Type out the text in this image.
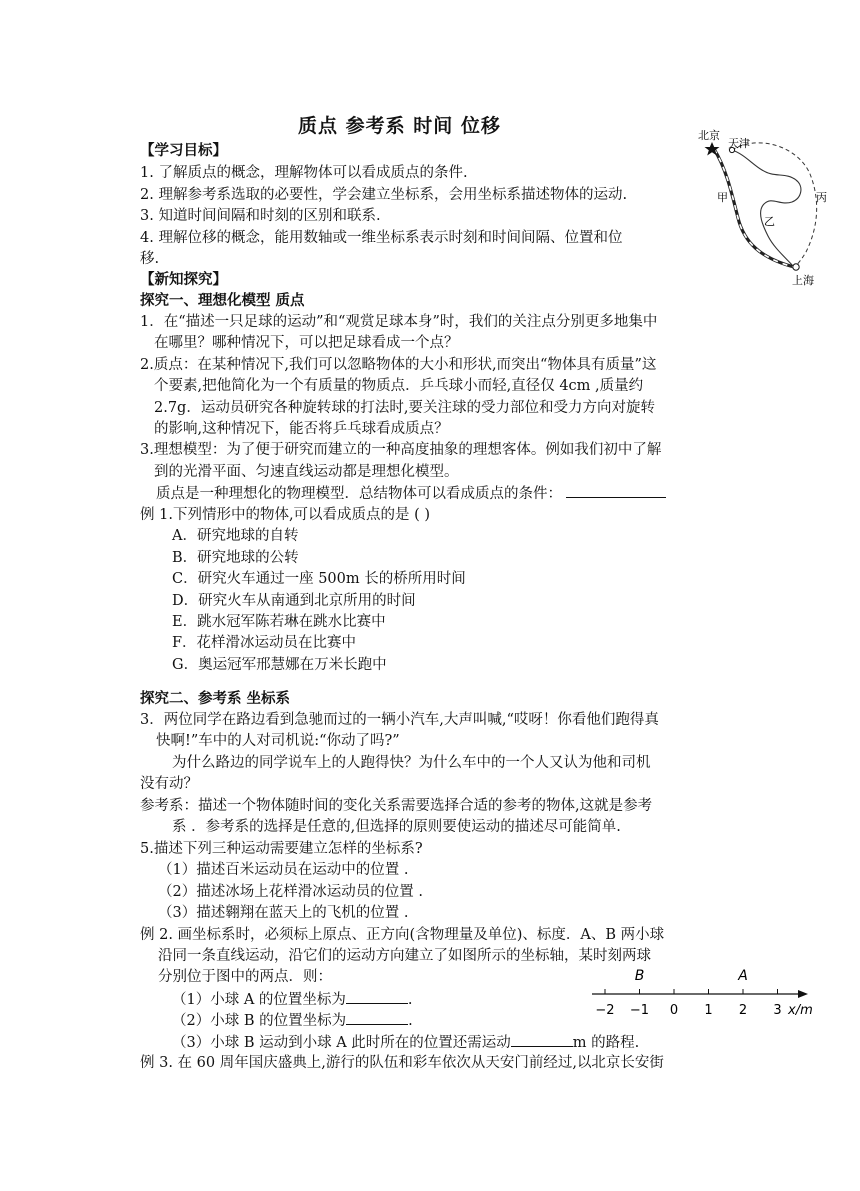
质点 参考系 时间 位移
【学习目标】
1. 了解质点的概念，理解物体可以看成质点的条件.
2. 理解参考系选取的必要性，学会建立坐标系，会用坐标系描述物体的运动.
3. 知道时间间隔和时刻的区别和联系.
4. 理解位移的概念，能用数轴或一维坐标系表示时刻和时间间隔、位置和位
移.
【新知探究】
探究一、理想化模型 质点
1．在“描述一只足球的运动”和“观赏足球本身”时，我们的关注点分别更多地集中
在哪里？哪种情况下，可以把足球看成一个点？
2.质点：在某种情况下,我们可以忽略物体的大小和形状,而突出“物体具有质量”这
个要素,把他简化为一个有质量的物质点．乒乓球小而轻,直径仅 4cm ,质量约
2.7g．运动员研究各种旋转球的打法时,要关注球的受力部位和受力方向对旋转
的影响,这种情况下，能否将乒乓球看成质点？
3.理想模型：为了便于研究而建立的一种高度抽象的理想客体。例如我们初中了解
到的光滑平面、匀速直线运动都是理想化模型。
质点是一种理想化的物理模型．总结物体可以看成质点的条件：
例 1.下列情形中的物体,可以看成质点的是 ( )
A．研究地球的自转
B．研究地球的公转
C．研究火车通过一座 500m 长的桥所用时间
D．研究火车从南通到北京所用的时间
E．跳水冠军陈若琳在跳水比赛中
F．花样滑冰运动员在比赛中
G．奥运冠军邢慧娜在万米长跑中
探究二、参考系 坐标系
3．两位同学在路边看到急驰而过的一辆小汽车,大声叫喊,“哎呀！你看他们跑得真
快啊!”车中的人对司机说:“你动了吗?”
为什么路边的同学说车上的人跑得快？为什么车中的一个人又认为他和司机
没有动？
参考系：描述一个物体随时间的变化关系需要选择合适的参考的物体,这就是参考
系 ．参考系的选择是任意的,但选择的原则要使运动的描述尽可能简单.
5.描述下列三种运动需要建立怎样的坐标系?
（1）描述百米运动员在运动中的位置 .
（2）描述冰场上花样滑冰运动员的位置 .
（3）描述翱翔在蓝天上的飞机的位置 .
例 2. 画坐标系时，必须标上原点、正方向(含物理量及单位)、标度．A、B 两小球
沿同一条直线运动，沿它们的运动方向建立了如图所示的坐标轴，某时刻两球
分别位于图中的两点．则：
（1）小球 A 的位置坐标为	.
（2）小球 B 的位置坐标为	.
（3）小球 B 运动到小球 A 此时所在的位置还需运动	m 的路程.
例 3. 在 60 周年国庆盛典上,游行的队伍和彩车依次从天安门前经过,以北京长安街
北京
天津
甲
乙
丙
上海
−2 −1 0 1 2 3 x/m
B	A
